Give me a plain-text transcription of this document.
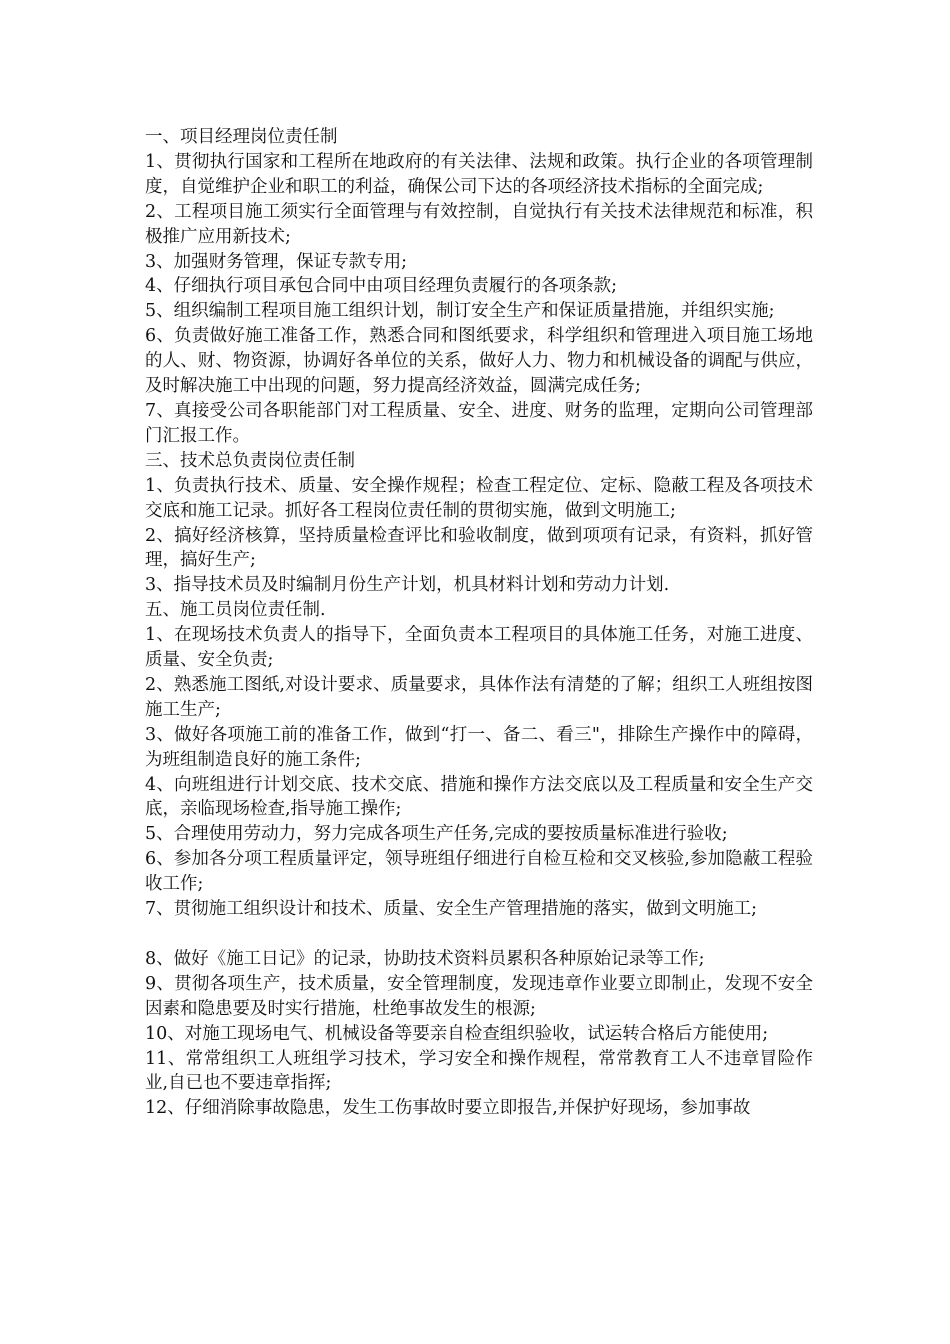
一、项目经理岗位责任制

1、贯彻执行国家和工程所在地政府的有关法律、法规和政策。执行企业的各项管理制度，自觉维护企业和职工的利益，确保公司下达的各项经济技术指标的全面完成;

2、工程项目施工须实行全面管理与有效控制，自觉执行有关技术法律规范和标准，积极推广应用新技术;

3、加强财务管理，保证专款专用;

4、仔细执行项目承包合同中由项目经理负责履行的各项条款;

5、组织编制工程项目施工组织计划，制订安全生产和保证质量措施，并组织实施;

6、负责做好施工准备工作，熟悉合同和图纸要求，科学组织和管理进入项目施工场地的人、财、物资源，协调好各单位的关系，做好人力、物力和机械设备的调配与供应，及时解决施工中出现的问题，努力提高经济效益，圆满完成任务;

7、真接受公司各职能部门对工程质量、安全、进度、财务的监理，定期向公司管理部门汇报工作。

三、技术总负责岗位责任制

1、负责执行技术、质量、安全操作规程；检查工程定位、定标、隐蔽工程及各项技术交底和施工记录。抓好各工程岗位责任制的贯彻实施，做到文明施工;

2、搞好经济核算，坚持质量检查评比和验收制度，做到项项有记录，有资料，抓好管理，搞好生产;

3、指导技术员及时编制月份生产计划，机具材料计划和劳动力计划.

五、施工员岗位责任制.

1、在现场技术负责人的指导下，全面负责本工程项目的具体施工任务，对施工进度、质量、安全负责;

2、熟悉施工图纸,对设计要求、质量要求，具体作法有清楚的了解；组织工人班组按图施工生产;

3、做好各项施工前的准备工作，做到“打一、备二、看三"，排除生产操作中的障碍，为班组制造良好的施工条件;

4、向班组进行计划交底、技术交底、措施和操作方法交底以及工程质量和安全生产交底，亲临现场检查,指导施工操作;

5、合理使用劳动力，努力完成各项生产任务,完成的要按质量标准进行验收;

6、参加各分项工程质量评定，领导班组仔细进行自检互检和交叉核验,参加隐蔽工程验收工作;

7、贯彻施工组织设计和技术、质量、安全生产管理措施的落实，做到文明施工;

8、做好《施工日记》的记录，协助技术资料员累积各种原始记录等工作;

9、贯彻各项生产，技术质量，安全管理制度，发现违章作业要立即制止，发现不安全因素和隐患要及时实行措施，杜绝事故发生的根源;

10、对施工现场电气、机械设备等要亲自检查组织验收，试运转合格后方能使用;

11、常常组织工人班组学习技术，学习安全和操作规程，常常教育工人不违章冒险作业,自已也不要违章指挥;

12、仔细消除事故隐患，发生工伤事故时要立即报告,并保护好现场，参加事故
